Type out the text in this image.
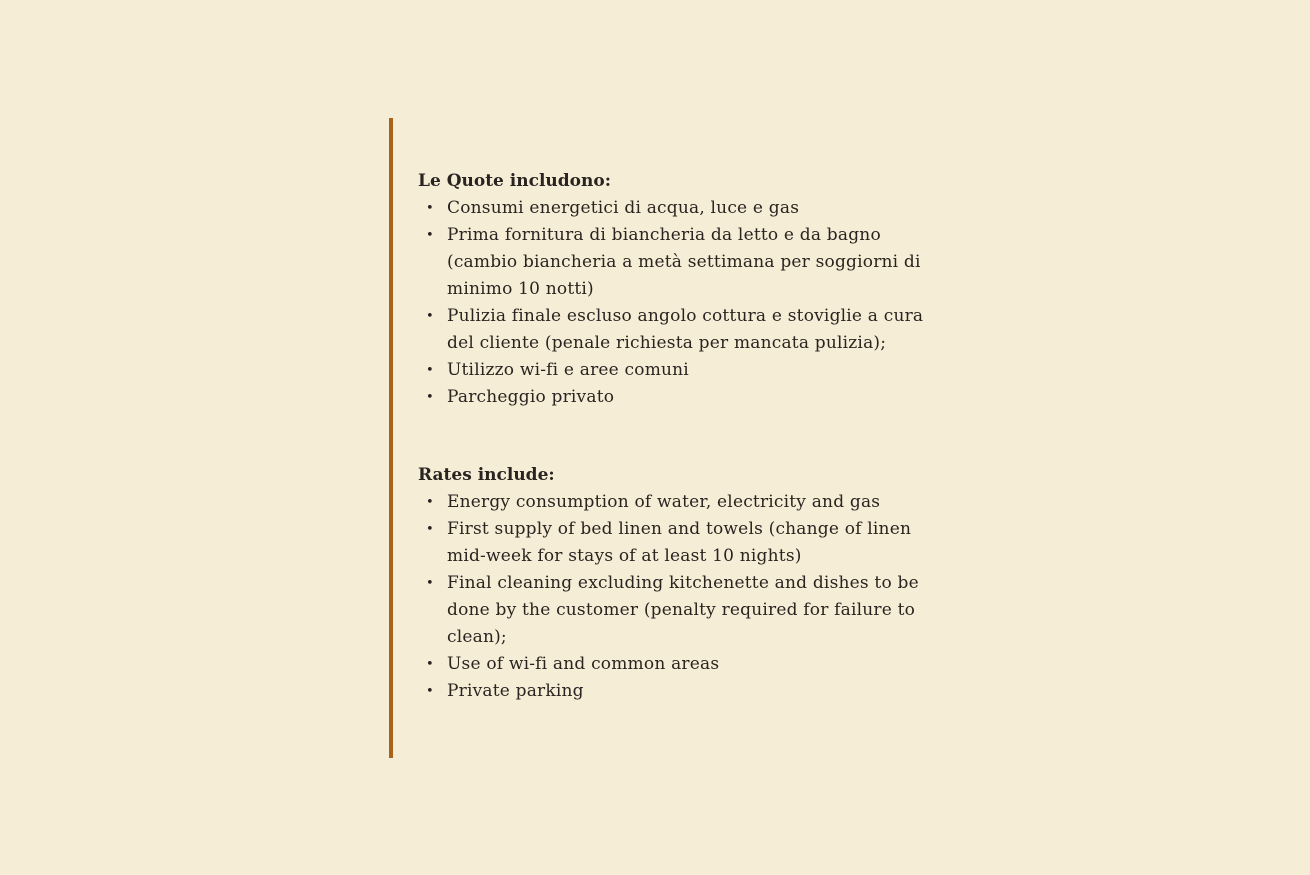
Le Quote includono:

• Consumi energetici di acqua, luce e gas
• Prima fornitura di biancheria da letto e da bagno (cambio biancheria a metà settimana per soggiorni di minimo 10 notti)
• Pulizia finale escluso angolo cottura e stoviglie a cura del cliente (penale richiesta per mancata pulizia);
• Utilizzo wi-fi e aree comuni
• Parcheggio privato

Rates include:

• Energy consumption of water, electricity and gas
• First supply of bed linen and towels (change of linen mid-week for stays of at least 10 nights)
• Final cleaning excluding kitchenette and dishes to be done by the customer (penalty required for failure to clean);
• Use of wi-fi and common areas
• Private parking
